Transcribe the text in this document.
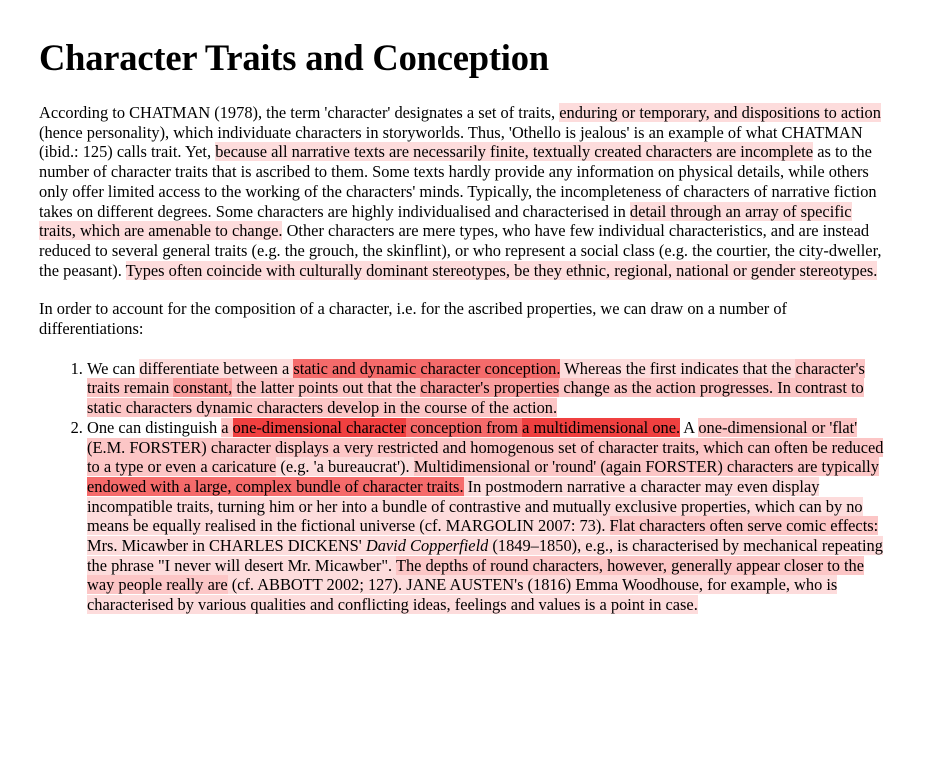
Character Traits and Conception

According to CHATMAN (1978), the term 'character' designates a set of traits, enduring or temporary, and dispositions to action (hence personality), which individuate characters in storyworlds. Thus, 'Othello is jealous' is an example of what CHATMAN (ibid.: 125) calls trait. Yet, because all narrative texts are necessarily finite, textually created characters are incomplete as to the number of character traits that is ascribed to them. Some texts hardly provide any information on physical details, while others only offer limited access to the working of the characters' minds. Typically, the incompleteness of characters of narrative fiction takes on different degrees. Some characters are highly individualised and characterised in detail through an array of specific traits, which are amenable to change. Other characters are mere types, who have few individual characteristics, and are instead reduced to several general traits (e.g. the grouch, the skinflint), or who represent a social class (e.g. the courtier, the city-dweller, the peasant). Types often coincide with culturally dominant stereotypes, be they ethnic, regional, national or gender stereotypes.

In order to account for the composition of a character, i.e. for the ascribed properties, we can draw on a number of differentiations:

1. We can differentiate between a static and dynamic character conception. Whereas the first indicates that the character's traits remain constant, the latter points out that the character's properties change as the action progresses. In contrast to static characters dynamic characters develop in the course of the action.
2. One can distinguish a one-dimensional character conception from a multidimensional one. A one-dimensional or 'flat' (E.M. FORSTER) character displays a very restricted and homogenous set of character traits, which can often be reduced to a type or even a caricature (e.g. 'a bureaucrat'). Multidimensional or 'round' (again FORSTER) characters are typically endowed with a large, complex bundle of character traits. In postmodern narrative a character may even display incompatible traits, turning him or her into a bundle of contrastive and mutually exclusive properties, which can by no means be equally realised in the fictional universe (cf. MARGOLIN 2007: 73). Flat characters often serve comic effects: Mrs. Micawber in CHARLES DICKENS' David Copperfield (1849–1850), e.g., is characterised by mechanical repeating the phrase "I never will desert Mr. Micawber". The depths of round characters, however, generally appear closer to the way people really are (cf. ABBOTT 2002; 127). JANE AUSTEN's (1816) Emma Woodhouse, for example, who is characterised by various qualities and conflicting ideas, feelings and values is a point in case.
